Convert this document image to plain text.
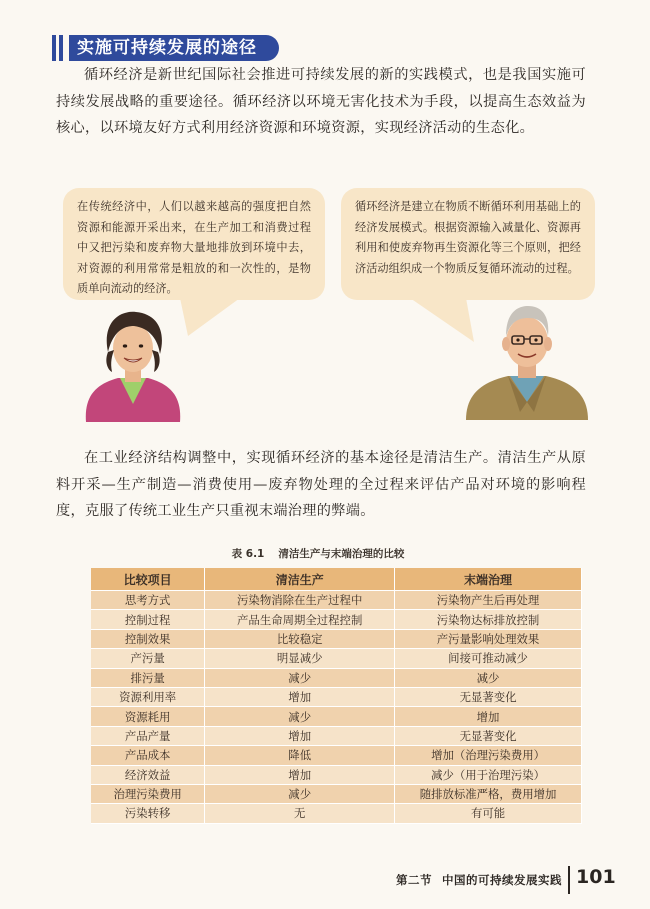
实施可持续发展的途径

循环经济是新世纪国际社会推进可持续发展的新的实践模式，也是我国实施可持续发展战略的重要途径。循环经济以环境无害化技术为手段，以提高生态效益为核心，以环境友好方式利用经济资源和环境资源，实现经济活动的生态化。

在传统经济中，人们以越来越高的强度把自然资源和能源开采出来，在生产加工和消费过程中又把污染和废弃物大量地排放到环境中去，对资源的利用常常是粗放的和一次性的，是物质单向流动的经济。
循环经济是建立在物质不断循环利用基础上的经济发展模式。根据资源输入减量化、资源再利用和使废弃物再生资源化等三个原则，把经济活动组织成一个物质反复循环流动的过程。

在工业经济结构调整中，实现循环经济的基本途径是清洁生产。清洁生产从原料开采—生产制造—消费使用—废弃物处理的全过程来评估产品对环境的影响程度，克服了传统工业生产只重视末端治理的弊端。

表 6.1 清洁生产与末端治理的比较
比较项目	清洁生产	末端治理
思考方式	污染物消除在生产过程中	污染物产生后再处理
控制过程	产品生命周期全过程控制	污染物达标排放控制
控制效果	比较稳定	产污量影响处理效果
产污量	明显减少	间接可推动减少
排污量	减少	减少
资源利用率	增加	无显著变化
资源耗用	减少	增加
产品产量	增加	无显著变化
产品成本	降低	增加（治理污染费用）
经济效益	增加	减少（用于治理污染）
治理污染费用	减少	随排放标准严格，费用增加
污染转移	无	有可能
第二节 中国的可持续发展实践 101
